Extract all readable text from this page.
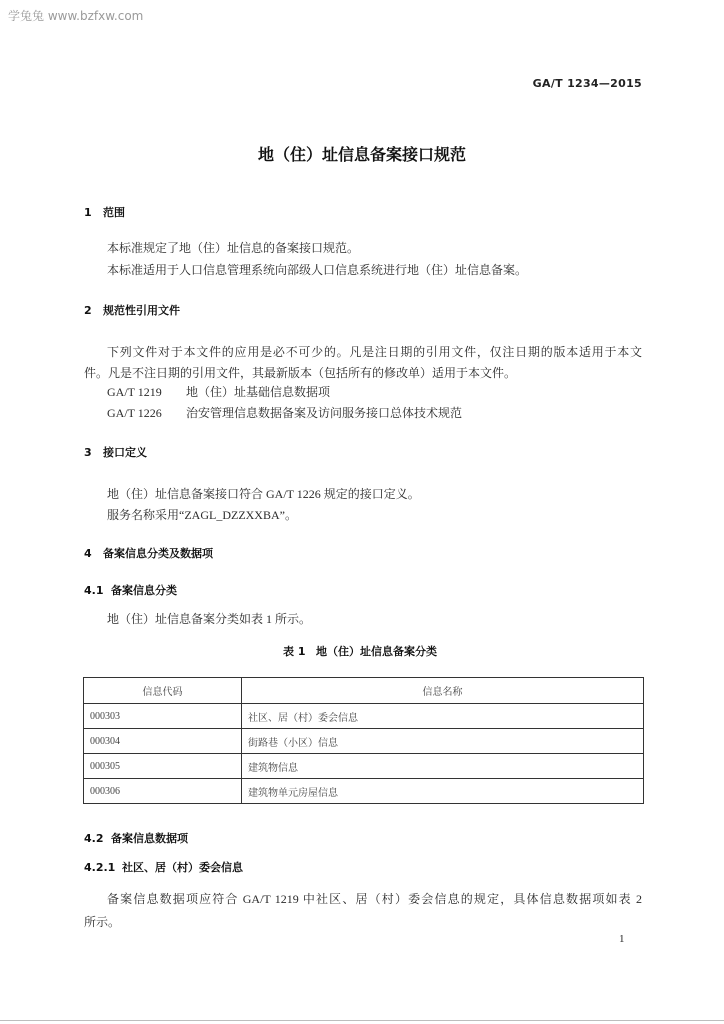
学兔兔 www.bzfxw.com
GA/T 1234—2015
地（住）址信息备案接口规范
1 范围
本标准规定了地（住）址信息的备案接口规范。
本标准适用于人口信息管理系统向部级人口信息系统进行地（住）址信息备案。
2 规范性引用文件
下列文件对于本文件的应用是必不可少的。凡是注日期的引用文件，仅注日期的版本适用于本文
件。凡是不注日期的引用文件，其最新版本（包括所有的修改单）适用于本文件。
GA/T 1219 地（住）址基础信息数据项
GA/T 1226 治安管理信息数据备案及访问服务接口总体技术规范
3 接口定义
地（住）址信息备案接口符合 GA/T 1226 规定的接口定义。
服务名称采用“ZAGL_DZZXXBA”。
4 备案信息分类及数据项
4.1 备案信息分类
地（住）址信息备案分类如表 1 所示。
表 1 地（住）址信息备案分类
信息代码	信息名称
000303	社区、居（村）委会信息
000304	街路巷（小区）信息
000305	建筑物信息
000306	建筑物单元房屋信息
4.2 备案信息数据项
4.2.1 社区、居（村）委会信息
备案信息数据项应符合 GA/T 1219 中社区、居（村）委会信息的规定，具体信息数据项如表 2
所示。
1
